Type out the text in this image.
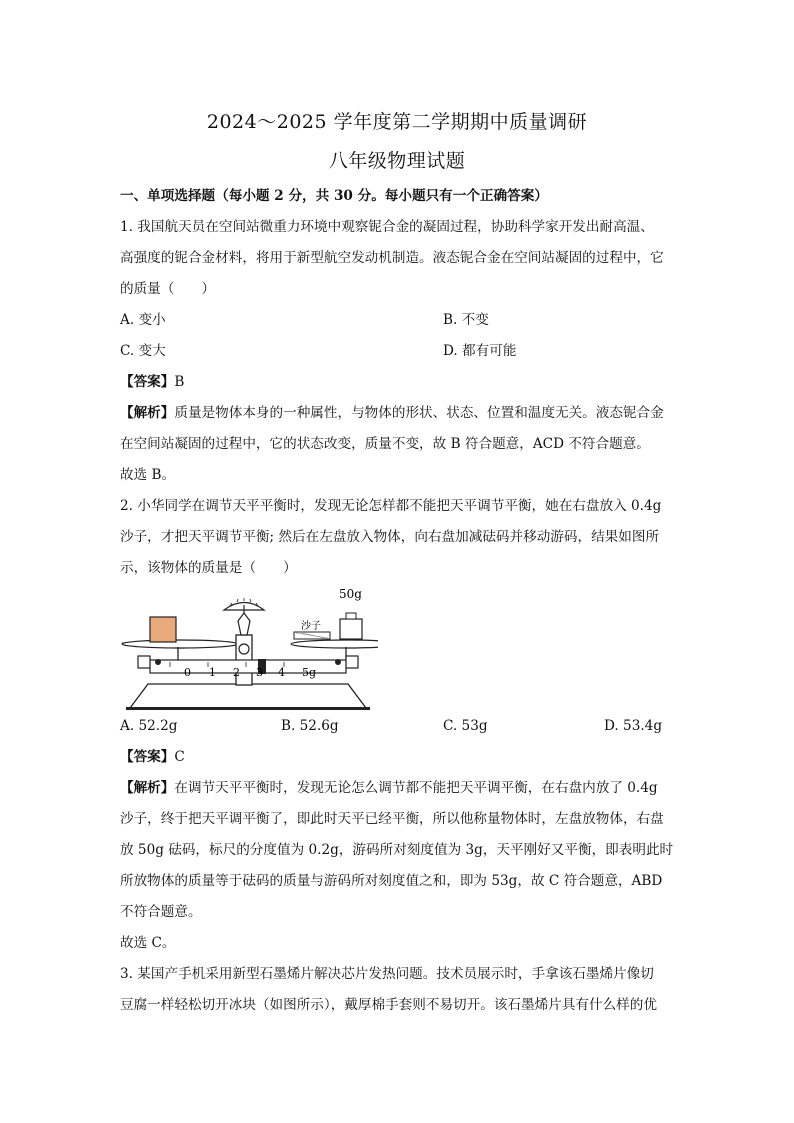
2024～2025 学年度第二学期期中质量调研
八年级物理试题
一、单项选择题（每小题 2 分，共 30 分。每小题只有一个正确答案）
1. 我国航天员在空间站微重力环境中观察铌合金的凝固过程，协助科学家开发出耐高温、
高强度的铌合金材料，将用于新型航空发动机制造。液态铌合金在空间站凝固的过程中，它
的质量（　　）
A. 变小	B. 不变
C. 变大	D. 都有可能
【答案】B
【解析】质量是物体本身的一种属性，与物体的形状、状态、位置和温度无关。液态铌合金
在空间站凝固的过程中，它的状态改变，质量不变，故 B 符合题意，ACD 不符合题意。
故选 B。
2. 小华同学在调节天平平衡时，发现无论怎样都不能把天平调节平衡，她在右盘放入 0.4g
沙子，才把天平调节平衡; 然后在左盘放入物体，向右盘加减砝码并移动游码，结果如图所
示，该物体的质量是（　　）
0 1 2 3 4 5g
沙子
50g
A. 52.2g	B. 52.6g	C. 53g	D. 53.4g
【答案】C
【解析】在调节天平平衡时，发现无论怎么调节都不能把天平调平衡，在右盘内放了 0.4g
沙子，终于把天平调平衡了，即此时天平已经平衡，所以他称量物体时，左盘放物体，右盘
放 50g 砝码，标尺的分度值为 0.2g，游码所对刻度值为 3g，天平刚好又平衡，即表明此时
所放物体的质量等于砝码的质量与游码所对刻度值之和，即为 53g，故 C 符合题意，ABD
不符合题意。
故选 C。
3. 某国产手机采用新型石墨烯片解决芯片发热问题。技术员展示时，手拿该石墨烯片像切
豆腐一样轻松切开冰块（如图所示），戴厚棉手套则不易切开。该石墨烯片具有什么样的优
